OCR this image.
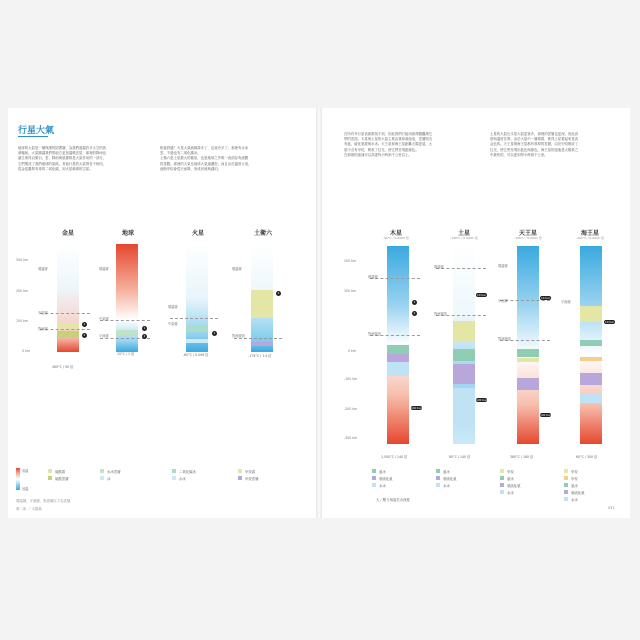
行星大氣
地球的大氣是一層保護的防護層，為我們遮擋許多太空的致
命輻射。大氣層讓我們的地方更加溫暖宜居，那裡的降雨也
讓生命得以繁衍。雲、降雨與風暴都是大氣作用的一部分，
它們塑造了我們地球的氣候。其他行星的大氣則各不相同，
從金星濃厚有毒的二氧化碳，到火星稀薄的空氣。
相當舒適！火星大氣就稀薄多了，也寒冷多了，那裡有水冰
雲，不過也有二氧化碳冰。
土衛六是土星最大的衛星，也是地球之外唯一表面存有液體
的星體。那裡的大氣比地球大氣還濃密，而且由於溫度太低，
液態甲烷會從天而降，形成河流與湖泊。
在所有外行星表面都找不到，因此我們只能用探測器觀測它
們的雲頂。木星與土星的大氣主要由氫和氦組成，雲層則含
有氨、硫化氫銨與水冰。天王星和海王星距離太陽更遠，大
氣中含有甲烷，吸收了紅光，使它們呈現藍綠色。
在那裡的風速可以高達每小時兩千公里以上。
土星的大氣比木星大氣更寒冷，那裡的雲層也更深，因此高
度與溫度各異。由於大氣中一層薄霧，使得土星看起來是淡
金色的。天王星與海王星都有厚厚的雲層，由於甲烷吸收了
紅光，使它們呈現出藍色與綠色。海王星的風速是太陽系之
中最快的，可以達到每小時兩千公里。
300 km
200 km
100 km
0 km
金星	地球	火星	土衛六
增溫層
中氣層
對流層
1
2
460°C / 90 倍
增溫層
中氣層
平流層
1
2
15°C / 1 倍
增溫層
中氣層
1
-60°C / 0.006 倍
增溫層
對流層頂
1
-179°C / 1.4 倍
200 km
100 km
0 km
-100 km
-200 km
-300 km
木星
-90°C / 0.0005 倍
土星
-130°C / 0.0001 倍
天王星
-195°C / 0.0003 倍
海王星
-201°C / 0.0001 倍
增溫層
對流層頂
1
2
100 bar
1,500°C / 140 倍
增溫層
對流層頂
10 bar
100 bar
80°C / 140 倍
增溫層
平流層
對流層頂
10 bar
100 bar
380°C / 180 倍
平流層
10 bar
60°C / 300 倍
高溫
低溫
硫酸霧
硫酸雲層
水冰雲層
冰
二氧化碳冰
水冰
甲烷霧
甲烷雲層
氨冰
氫硫化氨
水冰
氨冰
氫硫化氨
水冰
甲烷
氨冰
氫硫化氨
水冰
甲烷
甲烷
氨冰
氫硫化氨
水冰
大／壓力相當於水深度
增溫層、平流層、對流層以下為雲層
第二章 ／ 太陽系	033
